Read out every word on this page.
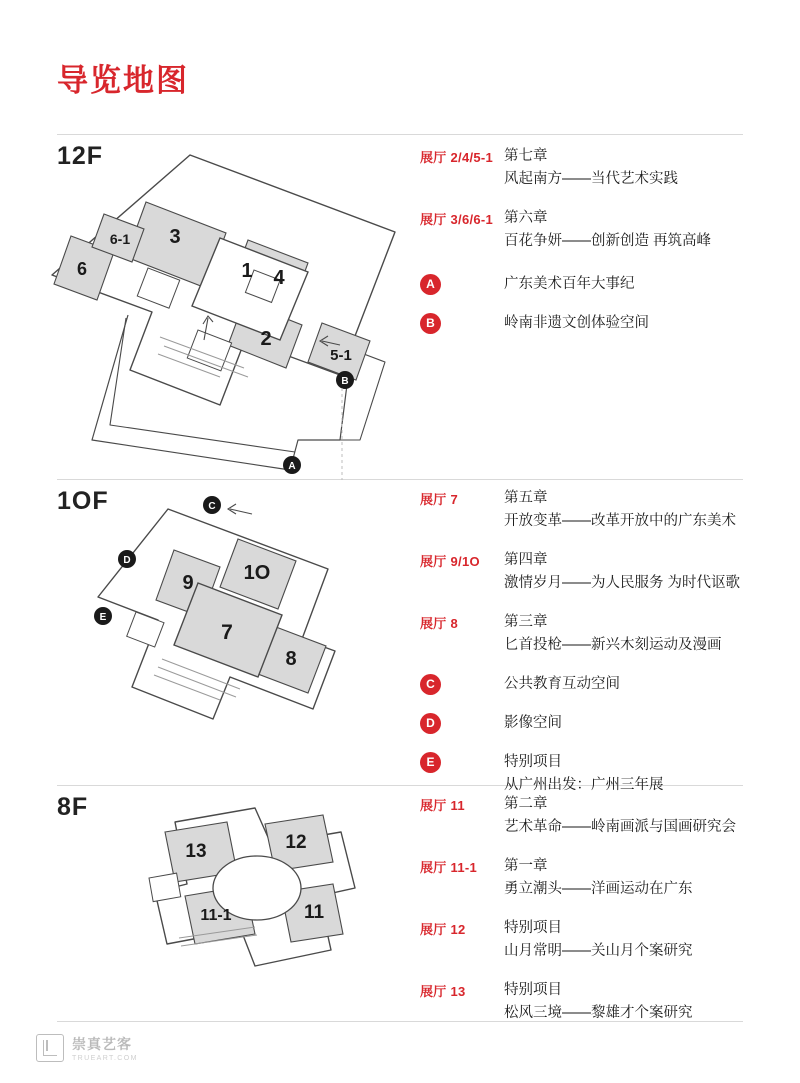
导览地图
12F
3
4
6-1
1
6
2
5-1
B
A
展厅 2/4/5-1 第七章
风起南方——当代艺术实践
展厅 3/6/6-1 第六章
百花争妍——创新创造 再筑高峰
A	广东美术百年大事纪
B	岭南非遗文创体验空间
1OF
9	1O
7
8
C
D
E
展厅 7	第五章
开放变革——改革开放中的广东美术
展厅 9/1O	第四章
激情岁月——为人民服务 为时代讴歌
展厅 8	第三章
匕首投枪——新兴木刻运动及漫画
C	公共教育互动空间
D	影像空间
E	特别项目
从广州出发：广州三年展
8F
13	12
11
11-1
展厅 11	第二章
艺术革命——岭南画派与国画研究会
展厅 11-1	第一章
勇立潮头——洋画运动在广东
展厅 12	特别项目
山月常明——关山月个案研究
展厅 13	特别项目
松风三境——黎雄才个案研究
崇真艺客
TRUEART.COM
